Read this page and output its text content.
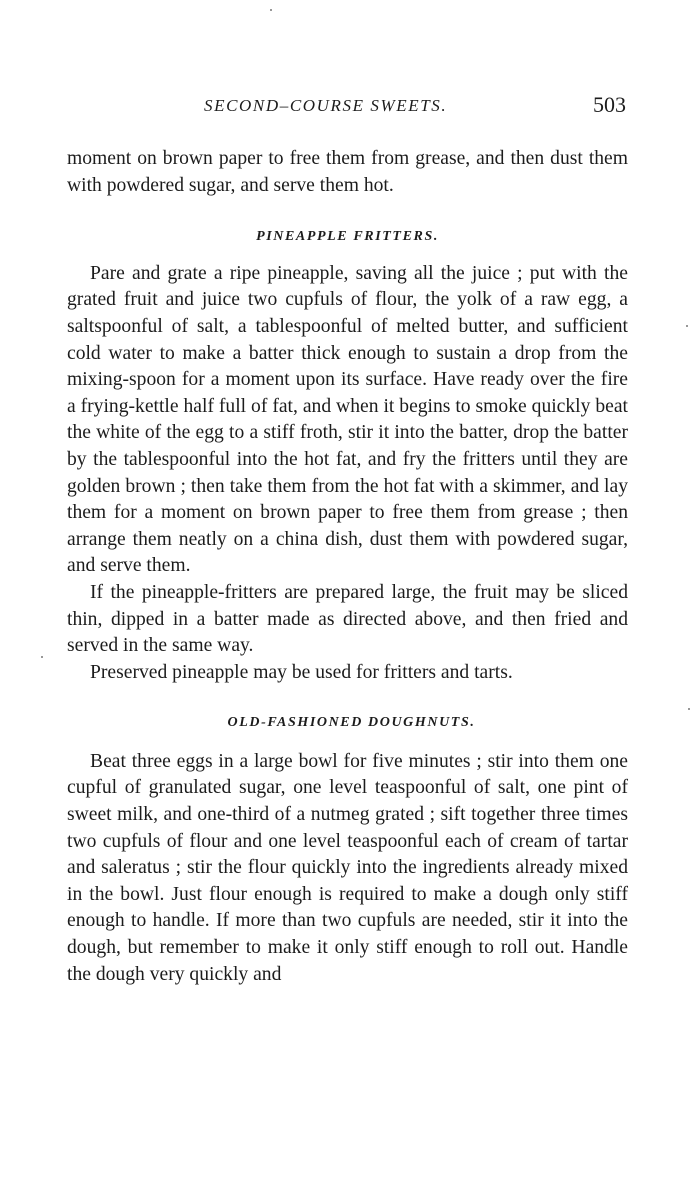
SECOND–COURSE SWEETS.	503

moment on brown paper to free them from grease, and then dust them with powdered sugar, and serve them hot.

PINEAPPLE FRITTERS.

Pare and grate a ripe pineapple, saving all the juice ; put with the grated fruit and juice two cupfuls of flour, the yolk of a raw egg, a saltspoonful of salt, a tablespoonful of melted butter, and sufficient cold water to make a batter thick enough to sustain a drop from the mixing-spoon for a moment upon its surface. Have ready over the fire a frying-kettle half full of fat, and when it begins to smoke quickly beat the white of the egg to a stiff froth, stir it into the batter, drop the batter by the tablespoonful into the hot fat, and fry the fritters until they are golden brown ; then take them from the hot fat with a skimmer, and lay them for a moment on brown paper to free them from grease ; then arrange them neatly on a china dish, dust them with powdered sugar, and serve them.

If the pineapple-fritters are prepared large, the fruit may be sliced thin, dipped in a batter made as directed above, and then fried and served in the same way.

Preserved pineapple may be used for fritters and tarts.

OLD-FASHIONED DOUGHNUTS.

Beat three eggs in a large bowl for five minutes ; stir into them one cupful of granulated sugar, one level teaspoonful of salt, one pint of sweet milk, and one-third of a nutmeg grated ; sift together three times two cupfuls of flour and one level teaspoonful each of cream of tartar and saleratus ; stir the flour quickly into the ingredients already mixed in the bowl. Just flour enough is required to make a dough only stiff enough to handle. If more than two cupfuls are needed, stir it into the dough, but remember to make it only stiff enough to roll out. Handle the dough very quickly and
